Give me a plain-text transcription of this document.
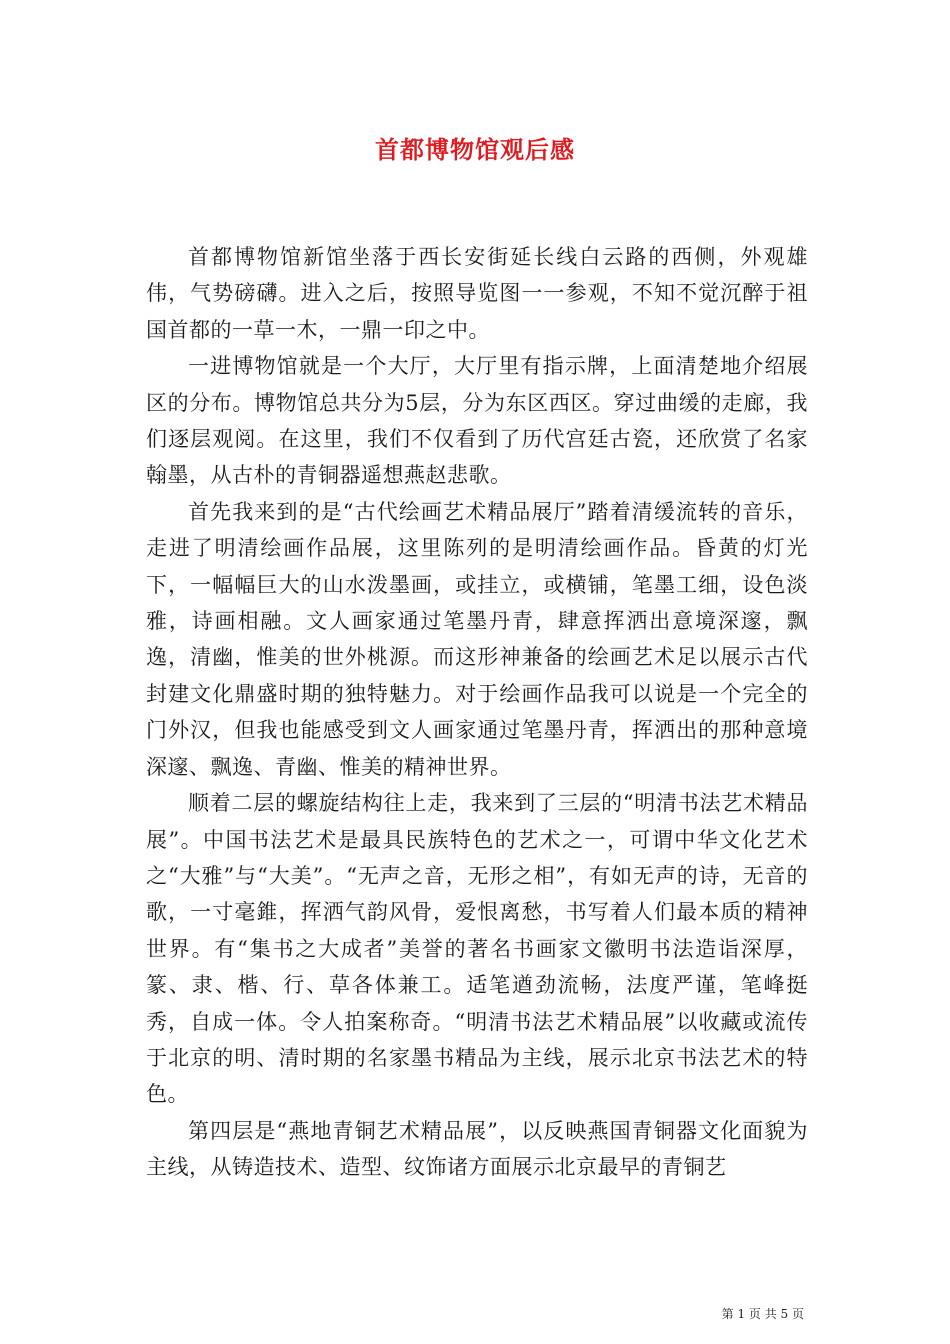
首都博物馆观后感

首都博物馆新馆坐落于西长安街延长线白云路的西侧，外观雄伟，气势磅礴。进入之后，按照导览图一一参观，不知不觉沉醉于祖国首都的一草一木，一鼎一印之中。

一进博物馆就是一个大厅，大厅里有指示牌，上面清楚地介绍展区的分布。博物馆总共分为5层，分为东区西区。穿过曲缓的走廊，我们逐层观阅。在这里，我们不仅看到了历代宫廷古瓷，还欣赏了名家翰墨，从古朴的青铜器遥想燕赵悲歌。

首先我来到的是“古代绘画艺术精品展厅”踏着清缓流转的音乐，走进了明清绘画作品展，这里陈列的是明清绘画作品。昏黄的灯光下，一幅幅巨大的山水泼墨画，或挂立，或横铺，笔墨工细，设色淡雅，诗画相融。文人画家通过笔墨丹青，肆意挥洒出意境深邃，飘逸，清幽，惟美的世外桃源。而这形神兼备的绘画艺术足以展示古代封建文化鼎盛时期的独特魅力。对于绘画作品我可以说是一个完全的门外汉，但我也能感受到文人画家通过笔墨丹青，挥洒出的那种意境深邃、飘逸、青幽、惟美的精神世界。

顺着二层的螺旋结构往上走，我来到了三层的“明清书法艺术精品展”。中国书法艺术是最具民族特色的艺术之一，可谓中华文化艺术之“大雅”与“大美”。“无声之音，无形之相”，有如无声的诗，无音的歌，一寸毫錐，挥洒气韵风骨，爱恨离愁，书写着人们最本质的精神世界。有“集书之大成者”美誉的著名书画家文徽明书法造诣深厚，篆、隶、楷、行、草各体兼工。适笔遒劲流畅，法度严谨，笔峰挺秀，自成一体。令人拍案称奇。“明清书法艺术精品展”以收藏或流传于北京的明、清时期的名家墨书精品为主线，展示北京书法艺术的特色。

第四层是“燕地青铜艺术精品展”，以反映燕国青铜器文化面貌为主线，从铸造技术、造型、纹饰诸方面展示北京最早的青铜艺

第 1 页 共 5 页
